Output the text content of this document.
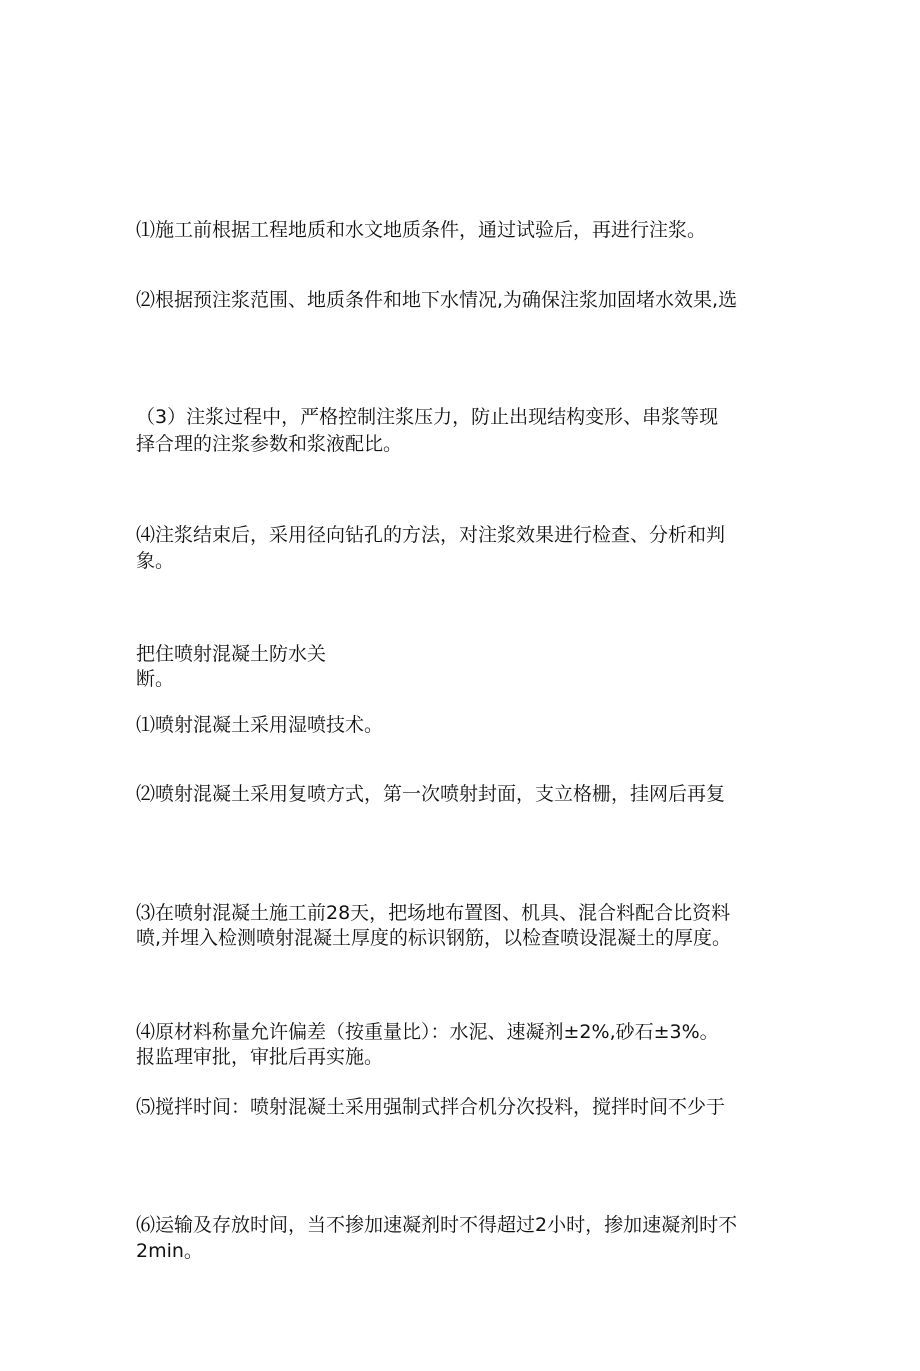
⑴施工前根据工程地质和水文地质条件，通过试验后，再进行注浆。

⑵根据预注浆范围、地质条件和地下水情况,为确保注浆加固堵水效果,选

择合理的注浆参数和浆液配比。

（3）注浆过程中，严格控制注浆压力，防止出现结构变形、串浆等现

象。

⑷注浆结束后，采用径向钻孔的方法，对注浆效果进行检查、分析和判

断。

把住喷射混凝土防水关

⑴喷射混凝土采用湿喷技术。

⑵喷射混凝土采用复喷方式，第一次喷射封面，支立格栅，挂网后再复

喷,并埋入检测喷射混凝土厚度的标识钢筋，以检查喷设混凝土的厚度。

⑶在喷射混凝土施工前28天，把场地布置图、机具、混合料配合比资料

报监理审批，审批后再实施。

⑷原材料称量允许偏差（按重量比）：水泥、速凝剂±2%,砂石±3%。

⑸搅拌时间：喷射混凝土采用强制式拌合机分次投料，搅拌时间不少于

2min。

⑹运输及存放时间，当不掺加速凝剂时不得超过2小时，掺加速凝剂时不
